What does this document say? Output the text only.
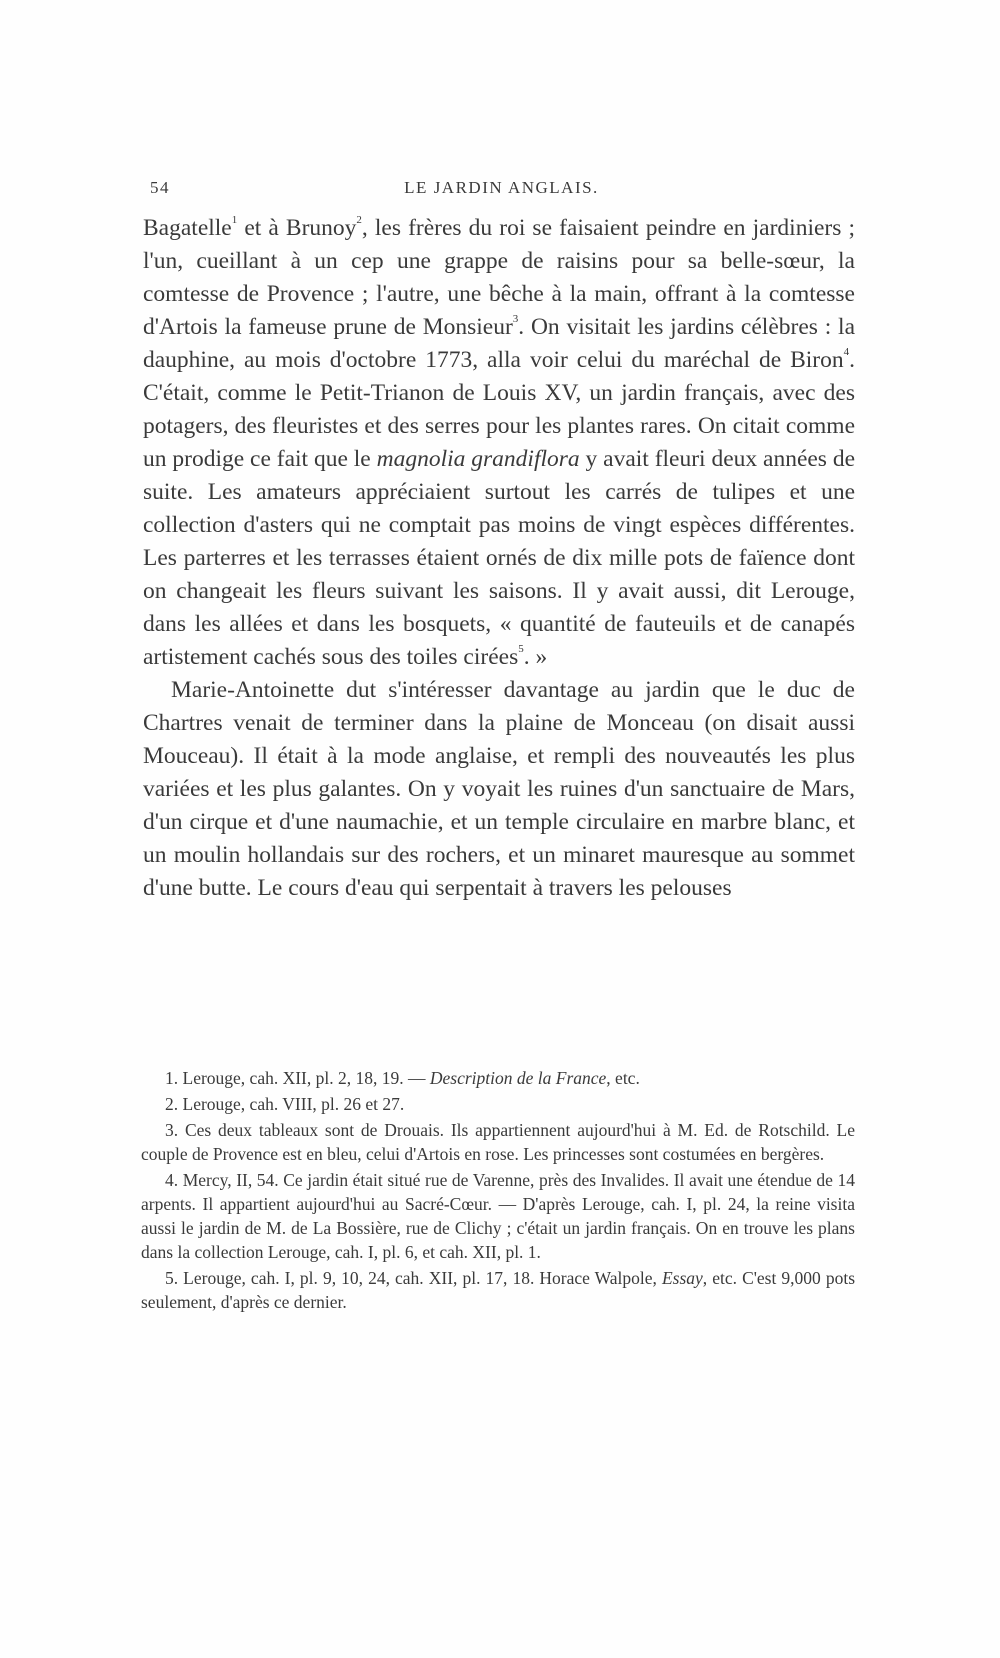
54	LE JARDIN ANGLAIS.

Bagatelle$^1$ et à Brunoy$^2$, les frères du roi se faisaient peindre en jardiniers ; l'un, cueillant à un cep une grappe de raisins pour sa belle-sœur, la comtesse de Provence ; l'autre, une bêche à la main, offrant à la comtesse d'Artois la fameuse prune de Monsieur$^3$. On visitait les jardins célèbres : la dauphine, au mois d'octobre 1773, alla voir celui du maréchal de Biron$^4$. C'était, comme le Petit-Trianon de Louis XV, un jardin français, avec des potagers, des fleuristes et des serres pour les plantes rares. On citait comme un prodige ce fait que le magnolia grandiflora y avait fleuri deux années de suite. Les amateurs appréciaient surtout les carrés de tulipes et une collection d'asters qui ne comptait pas moins de vingt espèces différentes. Les parterres et les terrasses étaient ornés de dix mille pots de faïence dont on changeait les fleurs suivant les saisons. Il y avait aussi, dit Lerouge, dans les allées et dans les bosquets, « quantité de fauteuils et de canapés artistement cachés sous des toiles cirées$^5$. »

Marie-Antoinette dut s'intéresser davantage au jardin que le duc de Chartres venait de terminer dans la plaine de Monceau (on disait aussi Mouceau). Il était à la mode anglaise, et rempli des nouveautés les plus variées et les plus galantes. On y voyait les ruines d'un sanctuaire de Mars, d'un cirque et d'une naumachie, et un temple circulaire en marbre blanc, et un moulin hollandais sur des rochers, et un minaret mauresque au sommet d'une butte. Le cours d'eau qui serpentait à travers les pelouses

1. Lerouge, cah. XII, pl. 2, 18, 19. — Description de la France, etc.

2. Lerouge, cah. VIII, pl. 26 et 27.

3. Ces deux tableaux sont de Drouais. Ils appartiennent aujourd'hui à M. Ed. de Rotschild. Le couple de Provence est en bleu, celui d'Artois en rose. Les princesses sont costumées en bergères.

4. Mercy, II, 54. Ce jardin était situé rue de Varenne, près des Invalides. Il avait une étendue de 14 arpents. Il appartient aujourd'hui au Sacré-Cœur. — D'après Lerouge, cah. I, pl. 24, la reine visita aussi le jardin de M. de La Bossière, rue de Clichy ; c'était un jardin français. On en trouve les plans dans la collection Lerouge, cah. I, pl. 6, et cah. XII, pl. 1.

5. Lerouge, cah. I, pl. 9, 10, 24, cah. XII, pl. 17, 18. Horace Walpole, Essay, etc. C'est 9,000 pots seulement, d'après ce dernier.
